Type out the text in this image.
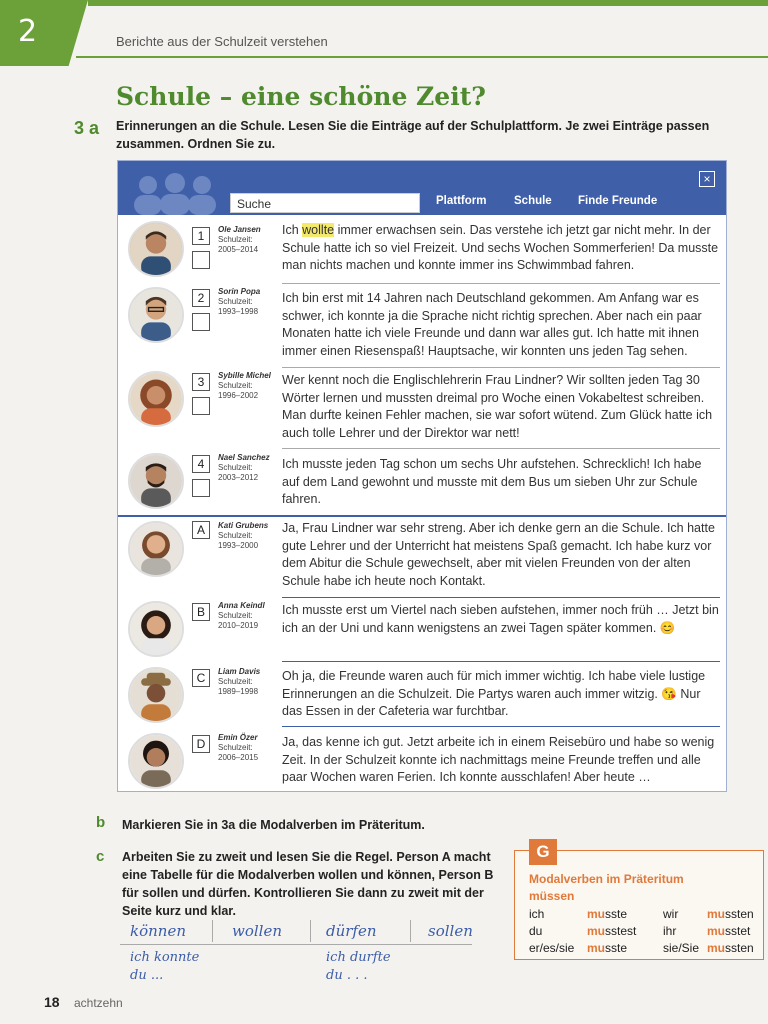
2	Berichte aus der Schulzeit verstehen
Schule – eine schöne Zeit?
3 a Erinnerungen an die Schule. Lesen Sie die Einträge auf der Schulplattform. Je zwei Einträge passen
zusammen. Ordnen Sie zu.
Suche	Plattform Schule Finde Freunde
×
1	Ole Jansen
Schulzeit:
2005–2014
Ich wollte immer erwachsen sein. Das verstehe ich jetzt gar nicht mehr. In der Schule hatte ich so viel Freizeit. Und sechs Wochen Sommerferien! Da musste man nichts machen und konnte immer ins Schwimmbad fahren.
2	Sorin Popa
Schulzeit:
1993–1998
Ich bin erst mit 14 Jahren nach Deutschland gekommen. Am Anfang war es schwer, ich konnte ja die Sprache nicht richtig sprechen. Aber nach ein paar Monaten hatte ich viele Freunde und dann war alles gut. Ich hatte mit ihnen immer einen Riesenspaß! Hauptsache, wir konnten uns jeden Tag sehen.
3	Sybille Michel
Schulzeit:
1996–2002
Wer kennt noch die Englischlehrerin Frau Lindner? Wir sollten jeden Tag 30 Wörter lernen und mussten dreimal pro Woche einen Vokabeltest schreiben. Man durfte keinen Fehler machen, sie war sofort wütend. Zum Glück hatte ich auch tolle Lehrer und der Direktor war nett!
4	Nael Sanchez
Schulzeit:
2003–2012
Ich musste jeden Tag schon um sechs Uhr aufstehen. Schrecklich! Ich habe auf dem Land gewohnt und musste mit dem Bus um sieben Uhr zur Schule fahren.
A	Kati Grubens
Schulzeit:
1993–2000
Ja, Frau Lindner war sehr streng. Aber ich denke gern an die Schule. Ich hatte gute Lehrer und der Unterricht hat meistens Spaß gemacht. Ich habe kurz vor dem Abitur die Schule gewechselt, aber mit vielen Freunden von der alten Schule habe ich heute noch Kontakt.
B	Anna Keindl
Schulzeit:
2010–2019
Ich musste erst um Viertel nach sieben aufstehen, immer noch früh … Jetzt bin ich an der Uni und kann wenigstens an zwei Tagen später kommen. 😊
C	Liam Davis
Schulzeit:
1989–1998
Oh ja, die Freunde waren auch für mich immer wichtig. Ich habe viele lustige Erinnerungen an die Schulzeit. Die Partys waren auch immer witzig. 😘 Nur das Essen in der Cafeteria war furchtbar.
D	Emin Özer
Schulzeit:
2006–2015
Ja, das kenne ich gut. Jetzt arbeite ich in einem Reisebüro und habe so wenig Zeit. In der Schulzeit konnte ich nachmittags meine Freunde treffen und alle paar Wochen waren Ferien. Ich konnte ausschlafen! Aber heute …
b Markieren Sie in 3a die Modalverben im Präteritum.
c Arbeiten Sie zu zweit und lesen Sie die Regel. Person A macht
eine Tabelle für die Modalverben wollen und können, Person B
für sollen und dürfen. Kontrollieren Sie dann zu zweit mit der
Seite kurz und klar.
können	wollen	dürfen	sollen
ich konnte
du ...
ich durfte
du . . .
G
Modalverben im Präteritum
müssen
ich	musste	wir mussten
du	musstest ihr	musstet
er/es/sie musste	sie/Sie mussten
18 achtzehn
